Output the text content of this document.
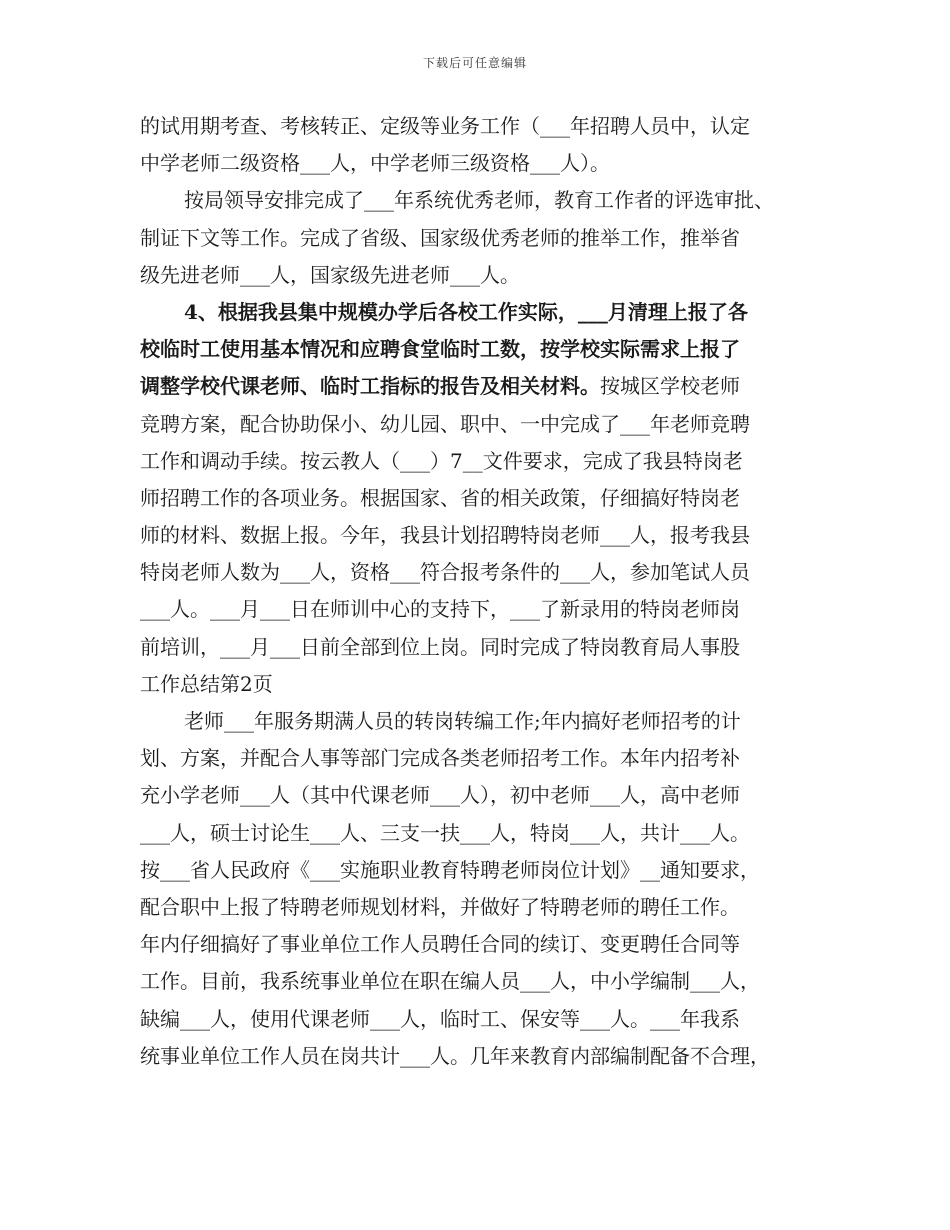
下载后可任意编辑
的试用期考查、考核转正、定级等业务工作（___年招聘人员中，认定
中学老师二级资格___人，中学老师三级资格___人）。
按局领导安排完成了___年系统优秀老师，教育工作者的评选审批、
制证下文等工作。完成了省级、国家级优秀老师的推举工作，推举省
级先进老师___人，国家级先进老师___人。
4、根据我县集中规模办学后各校工作实际，___月清理上报了各
校临时工使用基本情况和应聘食堂临时工数，按学校实际需求上报了
调整学校代课老师、临时工指标的报告及相关材料。按城区学校老师
竞聘方案，配合协助保小、幼儿园、职中、一中完成了___年老师竞聘
工作和调动手续。按云教人（___）7__文件要求，完成了我县特岗老
师招聘工作的各项业务。根据国家、省的相关政策，仔细搞好特岗老
师的材料、数据上报。今年，我县计划招聘特岗老师___人，报考我县
特岗老师人数为___人，资格___符合报考条件的___人，参加笔试人员
___人。___月___日在师训中心的支持下，___了新录用的特岗老师岗
前培训，___月___日前全部到位上岗。同时完成了特岗教育局人事股
工作总结第2页
老师___年服务期满人员的转岗转编工作;年内搞好老师招考的计
划、方案，并配合人事等部门完成各类老师招考工作。本年内招考补
充小学老师___人（其中代课老师___人），初中老师___人，高中老师
___人，硕士讨论生___人、三支一扶___人，特岗___人，共计___人。
按___省人民政府《___实施职业教育特聘老师岗位计划》__通知要求，
配合职中上报了特聘老师规划材料，并做好了特聘老师的聘任工作。
年内仔细搞好了事业单位工作人员聘任合同的续订、变更聘任合同等
工作。目前，我系统事业单位在职在编人员___人，中小学编制___人，
缺编___人，使用代课老师___人，临时工、保安等___人。___年我系
统事业单位工作人员在岗共计___人。几年来教育内部编制配备不合理，
